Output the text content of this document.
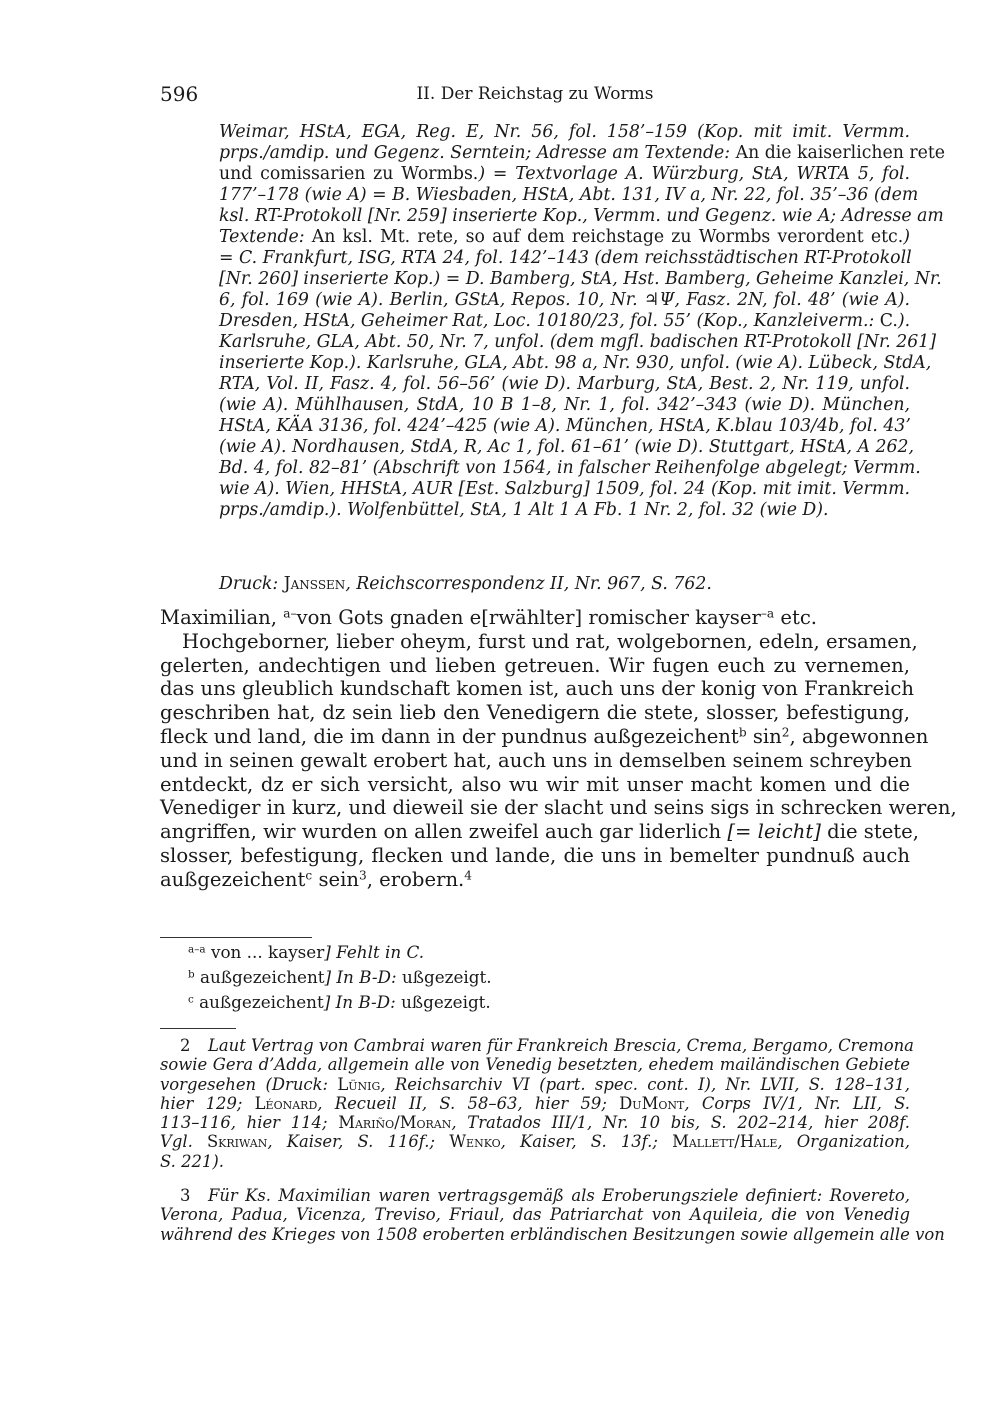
596	II. Der Reichstag zu Worms
Weimar, HStA, EGA, Reg. E, Nr. 56, fol. 158’–159 (Kop. mit imit. Vermm.
prps./amdip. und Gegenz. Serntein; Adresse am Textende: An die kaiserlichen rete
und comissarien zu Wormbs.) = Textvorlage A. Würzburg, StA, WRTA 5, fol.
177’–178 (wie A) = B. Wiesbaden, HStA, Abt. 131, IV a, Nr. 22, fol. 35’–36 (dem
ksl. RT-Protokoll [Nr. 259] inserierte Kop., Vermm. und Gegenz. wie A; Adresse am
Textende: An ksl. Mt. rete, so auf dem reichstage zu Wormbs verordent etc.)
= C. Frankfurt, ISG, RTA 24, fol. 142’–143 (dem reichsstädtischen RT-Protokoll
[Nr. 260] inserierte Kop.) = D. Bamberg, StA, Hst. Bamberg, Geheime Kanzlei, Nr.
6, fol. 169 (wie A). Berlin, GStA, Repos. 10, Nr. ♃Ψ, Fasz. 2N, fol. 48’ (wie A).
Dresden, HStA, Geheimer Rat, Loc. 10180/23, fol. 55’ (Kop., Kanzleiverm.: C.).
Karlsruhe, GLA, Abt. 50, Nr. 7, unfol. (dem mgfl. badischen RT-Protokoll [Nr. 261]
inserierte Kop.). Karlsruhe, GLA, Abt. 98 a, Nr. 930, unfol. (wie A). Lübeck, StdA,
RTA, Vol. II, Fasz. 4, fol. 56–56’ (wie D). Marburg, StA, Best. 2, Nr. 119, unfol.
(wie A). Mühlhausen, StdA, 10 B 1–8, Nr. 1, fol. 342’–343 (wie D). München,
HStA, KÄA 3136, fol. 424’–425 (wie A). München, HStA, K.blau 103/4b, fol. 43’
(wie A). Nordhausen, StdA, R, Ac 1, fol. 61–61’ (wie D). Stuttgart, HStA, A 262,
Bd. 4, fol. 82–81’ (Abschrift von 1564, in falscher Reihenfolge abgelegt; Vermm.
wie A). Wien, HHStA, AUR [Est. Salzburg] 1509, fol. 24 (Kop. mit imit. Vermm.
prps./amdip.). Wolfenbüttel, StA, 1 Alt 1 A Fb. 1 Nr. 2, fol. 32 (wie D).
Druck: Janssen, Reichscorrespondenz II, Nr. 967, S. 762.
Maximilian, $^{a-}$von Gots gnaden e[rwählter] romischer kayser$^{-a}$ etc.
Hochgeborner, lieber oheym, furst und rat, wolgebornen, edeln, ersamen,
gelerten, andechtigen und lieben getreuen. Wir fugen euch zu vernemen,
das uns gleublich kundschaft komen ist, auch uns der konig von Frankreich
geschriben hat, dz sein lieb den Venedigern die stete, slosser, befestigung,
fleck und land, die im dann in der pundnus außgezeichent$^b$ $\sin^2$, abgewonnen
und in seinen gewalt erobert hat, auch uns in demselben seinem schreyben
entdeckt, dz er sich versicht, also wu wir mit unser macht komen und die
Venediger in kurz, und dieweil sie der slacht und seins sigs in schrecken weren,
angriffen, wir wurden on allen zweifel auch gar liderlich [= leicht] die stete,
slosser, befestigung, flecken und lande, die uns in bemelter pundnuß auch
außgezeichent$^c$ sein$^3$, erobern.$^4$
$^{a-a}$ von ... kayser] Fehlt in C.
$^b$ außgezeichent] In B-D: ußgezeigt.
$^c$ außgezeichent] In B-D: ußgezeigt.
2 Laut Vertrag von Cambrai waren für Frankreich Brescia, Crema, Bergamo, Cremona
sowie Gera d’Adda, allgemein alle von Venedig besetzten, ehedem mailändischen Gebiete
vorgesehen (Druck: Lünig, Reichsarchiv VI (part. spec. cont. I), Nr. LVII, S. 128–131,
hier 129; Léonard, Recueil II, S. 58–63, hier 59; DuMont, Corps IV/1, Nr. LII, S.
113–116, hier 114; Mariño/Moran, Tratados III/1, Nr. 10 bis, S. 202–214, hier 208f.
Vgl. Skriwan, Kaiser, S. 116f.; Wenko, Kaiser, S. 13f.; Mallett/Hale, Organization,
S. 221).
3 Für Ks. Maximilian waren vertragsgemäß als Eroberungsziele definiert: Rovereto,
Verona, Padua, Vicenza, Treviso, Friaul, das Patriarchat von Aquileia, die von Venedig
während des Krieges von 1508 eroberten erbländischen Besitzungen sowie allgemein alle von
